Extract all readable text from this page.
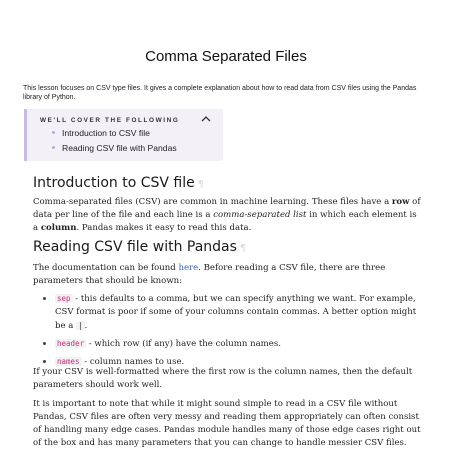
Comma Separated Files
This lesson focuses on CSV type files. It gives a complete explanation about how to read data from CSV files using the Pandas library of Python.
WE'LL COVER THE FOLLOWING
Introduction to CSV file
Reading CSV file with Pandas
Introduction to CSV file ¶
Comma-separated files (CSV) are common in machine learning. These files have a row of data per line of the file and each line is a comma-separated list in which each element is a column. Pandas makes it easy to read this data.
Reading CSV file with Pandas ¶
The documentation can be found here. Before reading a CSV file, there are three parameters that should be known:
sep - this defaults to a comma, but we can specify anything we want. For example, CSV format is poor if some of your columns contain commas. A better option might be a | .
header - which row (if any) have the column names.
names - column names to use.
If your CSV is well-formatted where the first row is the column names, then the default parameters should work well.
It is important to note that while it might sound simple to read in a CSV file without Pandas, CSV files are often very messy and reading them appropriately can often consist of handling many edge cases. Pandas module handles many of those edge cases right out of the box and has many parameters that you can change to handle messier CSV files.
